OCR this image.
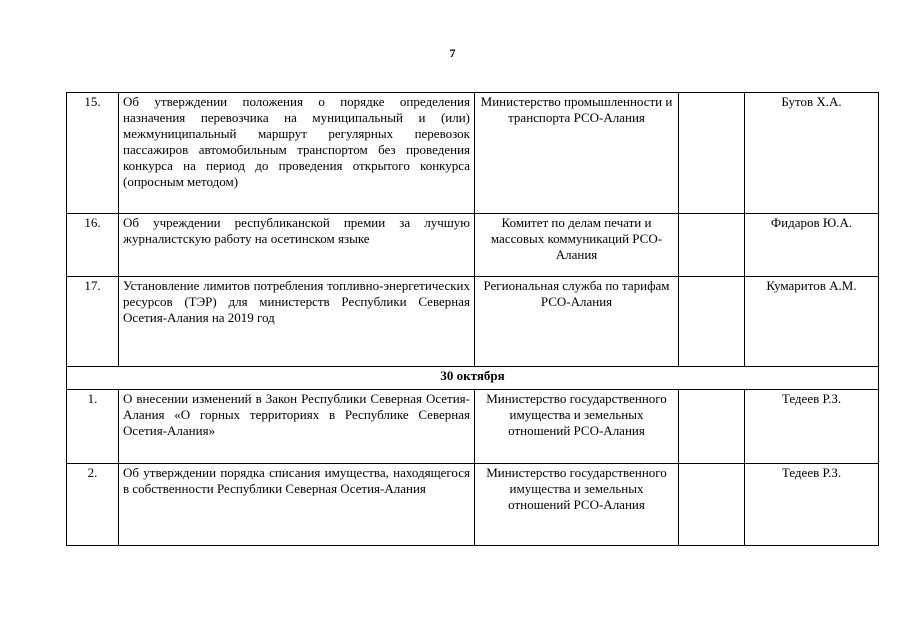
7
15.	Об утверждении положения о порядке определения назначения перевозчика на муниципальный и (или) межмуниципальный маршрут регулярных перевозок пассажиров автомобильным транспортом без проведения конкурса на период до проведения открытого конкурса (опросным методом)	Министерство промышленности и транспорта РСО-Алания		Бутов Х.А.
16.	Об учреждении республиканской премии за лучшую журналистскую работу на осетинском языке	Комитет по делам печати и массовых коммуникаций РСО-Алания		Фидаров Ю.А.
17.	Установление лимитов потребления топливно-энергетических ресурсов (ТЭР) для министерств Республики Северная Осетия-Алания на 2019 год	Региональная служба по тарифам РСО-Алания		Кумаритов А.М.
30 октября				
1.	О внесении изменений в Закон Республики Северная Осетия-Алания «О горных территориях в Республике Северная Осетия-Алания»	Министерство государственного имущества и земельных отношений РСО-Алания		Тедеев Р.З.
2.	Об утверждении порядка списания имущества, находящегося в собственности Республики Северная Осетия-Алания	Министерство государственного имущества и земельных отношений РСО-Алания		Тедеев Р.З.
